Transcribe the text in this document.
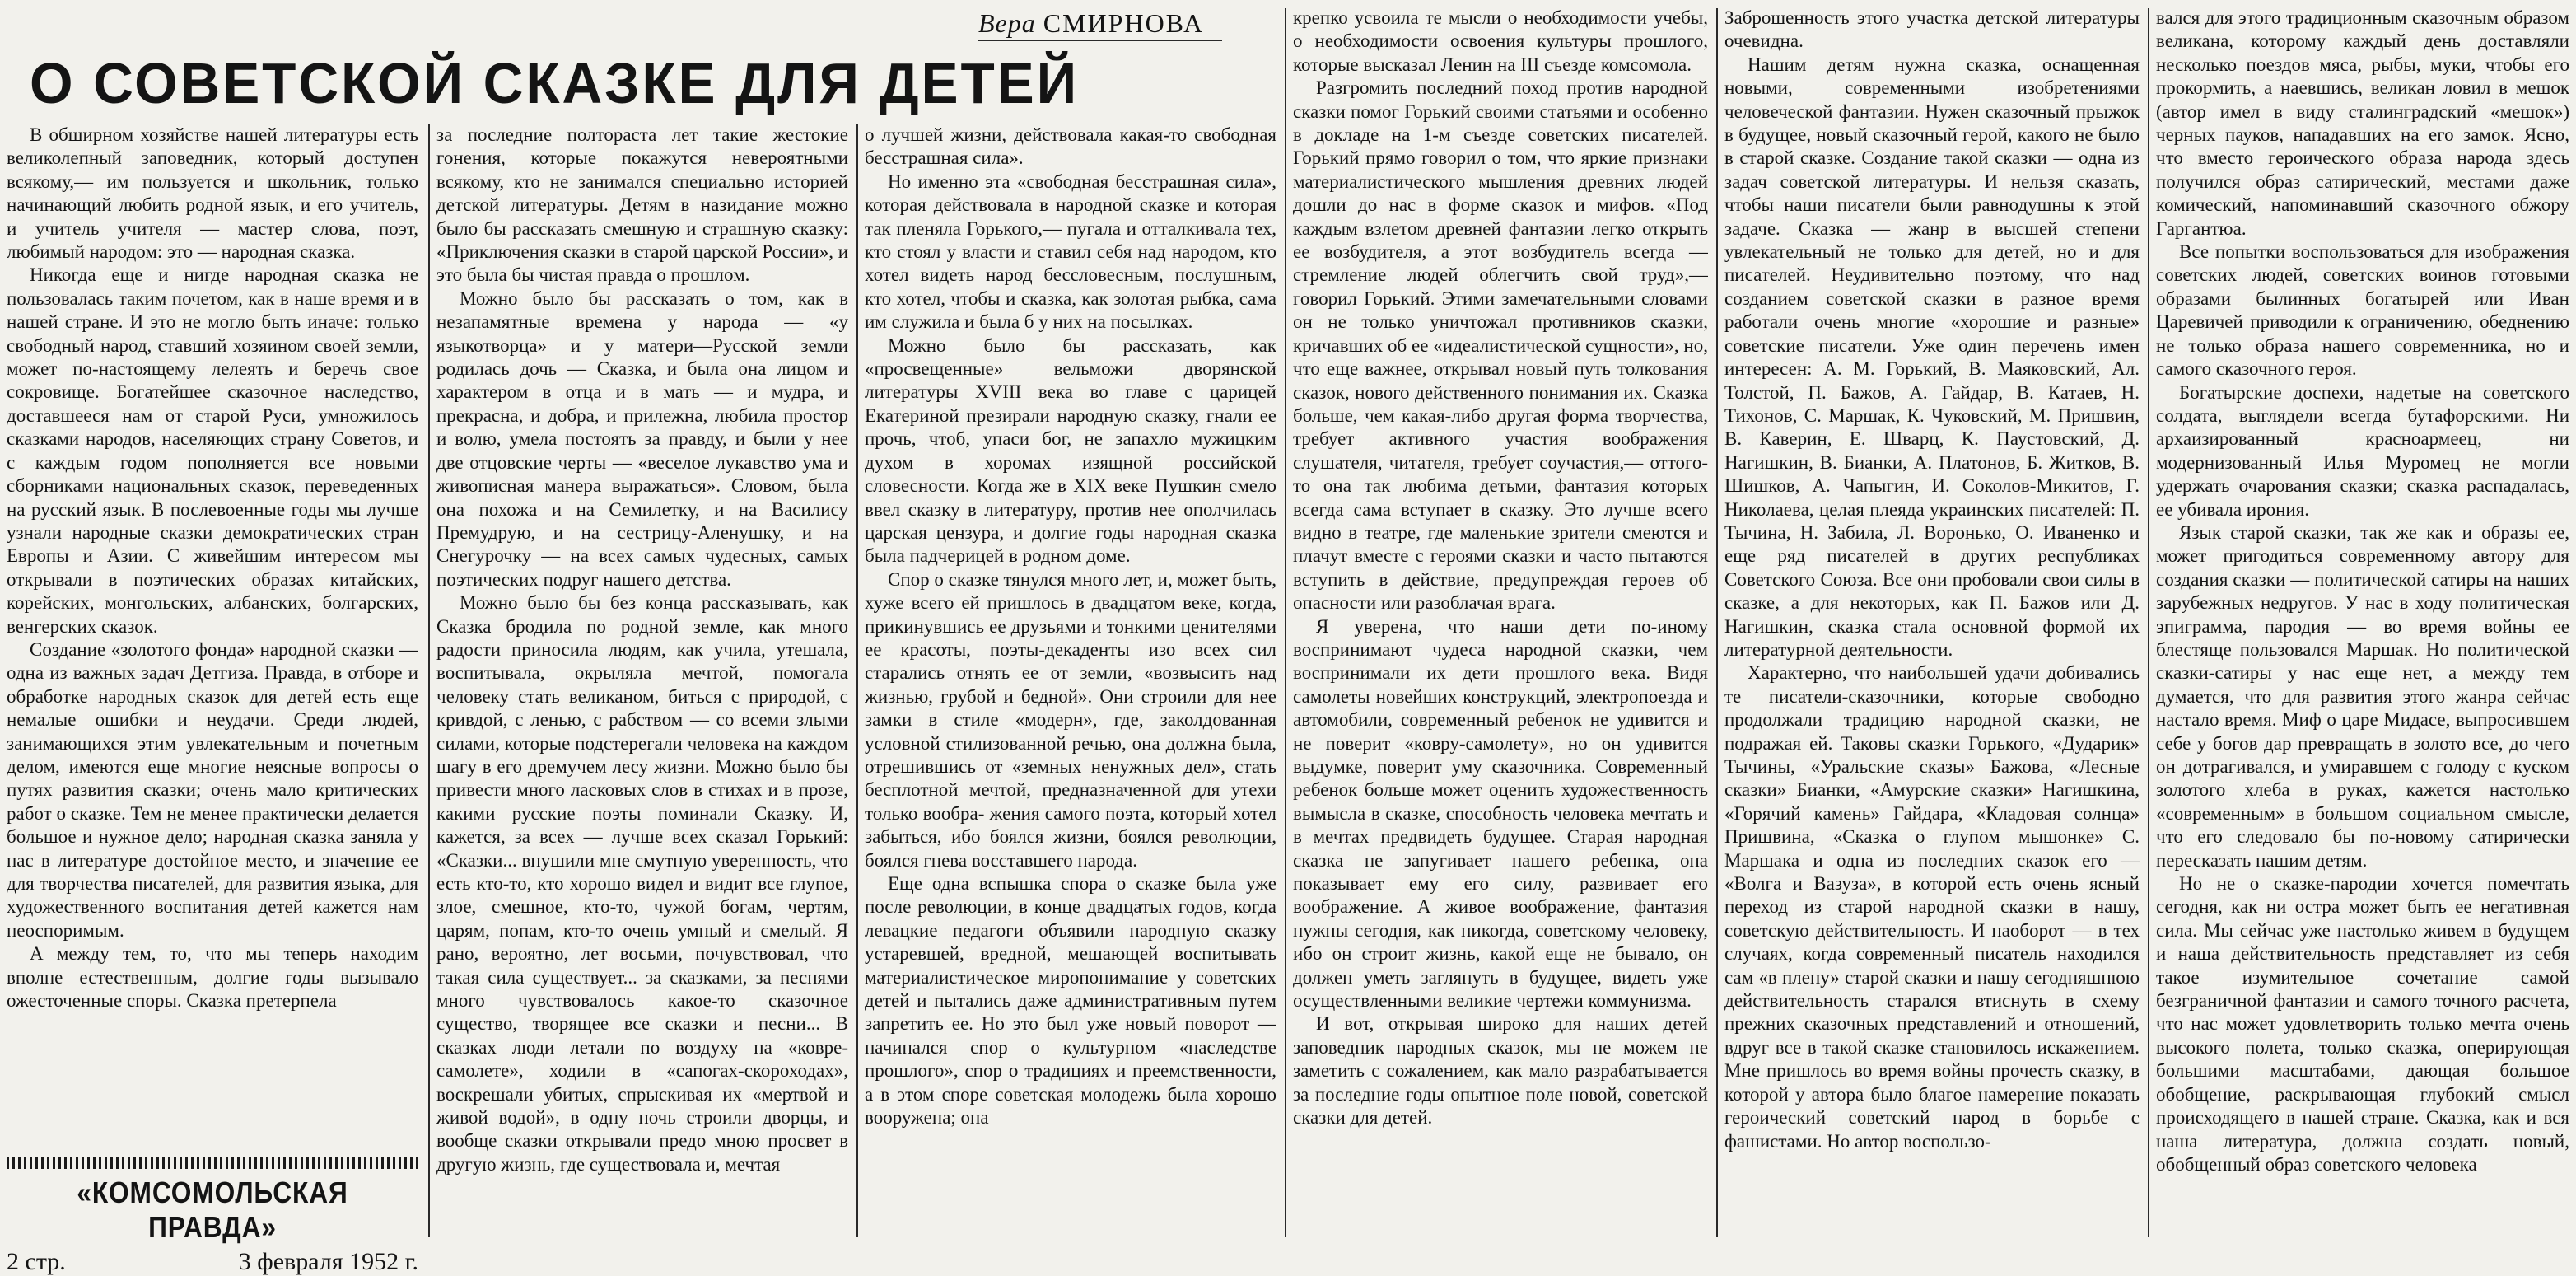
Вера СМИРНОВА
О СОВЕТСКОЙ СКАЗКЕ ДЛЯ ДЕТЕЙ

В обширном хозяйстве нашей литературы есть великолепный заповедник, который доступен всякому,— им пользуется и школьник, только начинающий любить родной язык, и его учитель, и учитель учителя — мастер слова, поэт, любимый народом: это — народная сказка.

Никогда еще и нигде народная сказка не пользовалась таким почетом, как в наше время и в нашей стране. И это не могло быть иначе: только свободный народ, ставший хозяином своей земли, может по-настоящему лелеять и беречь свое сокровище. Богатейшее сказочное наследство, доставшееся нам от старой Руси, умножилось сказками народов, населяющих страну Советов, и с каждым годом пополняется все новыми сборниками национальных сказок, переведенных на русский язык. В послевоенные годы мы лучше узнали народные сказки демократических стран Европы и Азии. С живейшим интересом мы открывали в поэтических образах китайских, корейских, монгольских, албанских, болгарских, венгерских сказок.

Создание «золотого фонда» народной сказки — одна из важных задач Детгиза. Правда, в отборе и обработке народных сказок для детей есть еще немалые ошибки и неудачи. Среди людей, занимающихся этим увлекательным и почетным делом, имеются еще многие неясные вопросы о путях развития сказки; очень мало критических работ о сказке. Тем не менее практически делается большое и нужное дело; народная сказка заняла у нас в литературе достойное место, и значение ее для творчества писателей, для развития языка, для художественного воспитания детей кажется нам неоспоримым.

А между тем, то, что мы теперь находим вполне естественным, долгие годы вызывало ожесточенные споры. Сказка претерпела

«КОМСОМОЛЬСКАЯ ПРАВДА»
2 стр.	3 февраля 1952 г.

за последние полтораста лет такие жестокие гонения, которые покажутся невероятными всякому, кто не занимался специально историей детской литературы. Детям в назидание можно было бы рассказать смешную и страшную сказку: «Приключения сказки в старой царской России», и это была бы чистая правда о прошлом.

Можно было бы рассказать о том, как в незапамятные времена у народа — «у языкотворца» и у матери—Русской земли родилась дочь — Сказка, и была она лицом и характером в отца и в мать — и мудра, и прекрасна, и добра, и прилежна, любила простор и волю, умела постоять за правду, и были у нее две отцовские черты — «веселое лукавство ума и живописная манера выражаться». Словом, была она похожа и на Семилетку, и на Василису Премудрую, и на сестрицу-Аленушку, и на Снегурочку — на всех самых чудесных, самых поэтических подруг нашего детства.

Можно было бы без конца рассказывать, как Сказка бродила по родной земле, как много радости приносила людям, как учила, утешала, воспитывала, окрыляла мечтой, помогала человеку стать великаном, биться с природой, с кривдой, с ленью, с рабством — со всеми злыми силами, которые подстерегали человека на каждом шагу в его дремучем лесу жизни. Можно было бы привести много ласковых слов в стихах и в прозе, какими русские поэты поминали Сказку. И, кажется, за всех — лучше всех сказал Горький: «Сказки... внушили мне смутную уверенность, что есть кто-то, кто хорошо видел и видит все глупое, злое, смешное, кто-то, чужой богам, чертям, царям, попам, кто-то очень умный и смелый. Я рано, вероятно, лет восьми, почувствовал, что такая сила существует... за сказками, за песнями много чувствовалось какое-то сказочное существо, творящее все сказки и песни... В сказках люди летали по воздуху на «ковре-самолете», ходили в «сапогах-скороходах», воскрешали убитых, спрыскивая их «мертвой и живой водой», в одну ночь строили дворцы, и вообще сказки открывали предо мною просвет в другую жизнь, где существовала и, мечтая

о лучшей жизни, действовала какая-то свободная бесстрашная сила».

Но именно эта «свободная бесстрашная сила», которая действовала в народной сказке и которая так пленяла Горького,— пугала и отталкивала тех, кто стоял у власти и ставил себя над народом, кто хотел видеть народ бессловесным, послушным, кто хотел, чтобы и сказка, как золотая рыбка, сама им служила и была б у них на посылках.

Можно было бы рассказать, как «просвещенные» вельможи дворянской литературы XVIII века во главе с царицей Екатериной презирали народную сказку, гнали ее прочь, чтоб, упаси бог, не запахло мужицким духом в хоромах изящной российской словесности. Когда же в XIX веке Пушкин смело ввел сказку в литературу, против нее ополчилась царская цензура, и долгие годы народная сказка была падчерицей в родном доме.

Спор о сказке тянулся много лет, и, может быть, хуже всего ей пришлось в двадцатом веке, когда, прикинувшись ее друзьями и тонкими ценителями ее красоты, поэты-декаденты изо всех сил старались отнять ее от земли, «возвысить над жизнью, грубой и бедной». Они строили для нее замки в стиле «модерн», где, заколдованная условной стилизованной речью, она должна была, отрешившись от «земных ненужных дел», стать бесплотной мечтой, предназначенной для утехи только вообра- жения самого поэта, который хотел забыться, ибо боялся жизни, боялся революции, боялся гнева восставшего народа.

Еще одна вспышка спора о сказке была уже после революции, в конце двадцатых годов, когда левацкие педагоги объявили народную сказку устаревшей, вредной, мешающей воспитывать материалистическое миропонимание у советских детей и пытались даже административным путем запретить ее. Но это был уже новый поворот — начинался спор о культурном «наследстве прошлого», спор о традициях и преемственности, а в этом споре советская молодежь была хорошо вооружена; она

крепко усвоила те мысли о необходимости учебы, о необходимости освоения культуры прошлого, которые высказал Ленин на III съезде комсомола.

Разгромить последний поход против народной сказки помог Горький своими статьями и особенно в докладе на 1-м съезде советских писателей. Горький прямо говорил о том, что яркие признаки материалистического мышления древних людей дошли до нас в форме сказок и мифов. «Под каждым взлетом древней фантазии легко открыть ее возбудителя, а этот возбудитель всегда — стремление людей облегчить свой труд»,— говорил Горький. Этими замечательными словами он не только уничтожал противников сказки, кричавших об ее «идеалистической сущности», но, что еще важнее, открывал новый путь толкования сказок, нового действенного понимания их. Сказка больше, чем какая-либо другая форма творчества, требует активного участия воображения слушателя, читателя, требует соучастия,— оттого-то она так любима детьми, фантазия которых всегда сама вступает в сказку. Это лучше всего видно в театре, где маленькие зрители смеются и плачут вместе с героями сказки и часто пытаются вступить в действие, предупреждая героев об опасности или разоблачая врага.

Я уверена, что наши дети по-иному воспринимают чудеса народной сказки, чем воспринимали их дети прошлого века. Видя самолеты новейших конструкций, электропоезда и автомобили, современный ребенок не удивится и не поверит «ковру-самолету», но он удивится выдумке, поверит уму сказочника. Современный ребенок больше может оценить художественность вымысла в сказке, способность человека мечтать и в мечтах предвидеть будущее. Старая народная сказка не запугивает нашего ребенка, она показывает ему его силу, развивает его воображение. А живое воображение, фантазия нужны сегодня, как никогда, советскому человеку, ибо он строит жизнь, какой еще не бывало, он должен уметь заглянуть в будущее, видеть уже осуществленными великие чертежи коммунизма.

И вот, открывая широко для наших детей заповедник народных сказок, мы не можем не заметить с сожалением, как мало разрабатывается за последние годы опытное поле новой, советской сказки для детей.

Заброшенность этого участка детской литературы очевидна.

Нашим детям нужна сказка, оснащенная новыми, современными изобретениями человеческой фантазии. Нужен сказочный прыжок в будущее, новый сказочный герой, какого не было в старой сказке. Создание такой сказки — одна из задач советской литературы. И нельзя сказать, чтобы наши писатели были равнодушны к этой задаче. Сказка — жанр в высшей степени увлекательный не только для детей, но и для писателей. Неудивительно поэтому, что над созданием советской сказки в разное время работали очень многие «хорошие и разные» советские писатели. Уже один перечень имен интересен: А. М. Горький, В. Маяковский, Ал. Толстой, П. Бажов, А. Гайдар, В. Катаев, Н. Тихонов, С. Маршак, К. Чуковский, М. Пришвин, В. Каверин, Е. Шварц, К. Паустовский, Д. Нагишкин, В. Бианки, А. Платонов, Б. Житков, В. Шишков, А. Чапыгин, И. Соколов-Микитов, Г. Николаева, целая плеяда украинских писателей: П. Тычина, Н. Забила, Л. Воронько, О. Иваненко и еще ряд писателей в других республиках Советского Союза. Все они пробовали свои силы в сказке, а для некоторых, как П. Бажов или Д. Нагишкин, сказка стала основной формой их литературной деятельности.

Характерно, что наибольшей удачи добивались те писатели-сказочники, которые свободно продолжали традицию народной сказки, не подражая ей. Таковы сказки Горького, «Дударик» Тычины, «Уральские сказы» Бажова, «Лесные сказки» Бианки, «Амурские сказки» Нагишкина, «Горячий камень» Гайдара, «Кладовая солнца» Пришвина, «Сказка о глупом мышонке» С. Маршака и одна из последних сказок его — «Волга и Вазуза», в которой есть очень ясный переход из старой народной сказки в нашу, советскую действительность. И наоборот — в тех случаях, когда современный писатель находился сам «в плену» старой сказки и нашу сегодняшнюю действительность старался втиснуть в схему прежних сказочных представлений и отношений, вдруг все в такой сказке становилось искажением. Мне пришлось во время войны прочесть сказку, в которой у автора было благое намерение показать героический советский народ в борьбе с фашистами. Но автор воспользо-

вался для этого традиционным сказочным образом великана, которому каждый день доставляли несколько поездов мяса, рыбы, муки, чтобы его прокормить, а наевшись, великан ловил в мешок (автор имел в виду сталинградский «мешок») черных пауков, нападавших на его замок. Ясно, что вместо героического образа народа здесь получился образ сатирический, местами даже комический, напоминавший сказочного обжору Гаргантюа.

Все попытки воспользоваться для изображения советских людей, советских воинов готовыми образами былинных богатырей или Иван Царевичей приводили к ограничению, обеднению не только образа нашего современника, но и самого сказочного героя.

Богатырские доспехи, надетые на советского солдата, выглядели всегда бутафорскими. Ни архаизированный красноармеец, ни модернизованный Илья Муромец не могли удержать очарования сказки; сказка распадалась, ее убивала ирония.

Язык старой сказки, так же как и образы ее, может пригодиться современному автору для создания сказки — политической сатиры на наших зарубежных недругов. У нас в ходу политическая эпиграмма, пародия — во время войны ее блестяще пользовался Маршак. Но политической сказки-сатиры у нас еще нет, а между тем думается, что для развития этого жанра сейчас настало время. Миф о царе Мидасе, выпросившем себе у богов дар превращать в золото все, до чего он дотрагивался, и умиравшем с голоду с куском золотого хлеба в руках, кажется настолько «современным» в большом социальном смысле, что его следовало бы по-новому сатирически пересказать нашим детям.

Но не о сказке-пародии хочется помечтать сегодня, как ни остра может быть ее негативная сила. Мы сейчас уже настолько живем в будущем и наша действительность представляет из себя такое изумительное сочетание самой безграничной фантазии и самого точного расчета, что нас может удовлетворить только мечта очень высокого полета, только сказка, оперирующая большими масштабами, дающая большое обобщение, раскрывающая глубокий смысл происходящего в нашей стране. Сказка, как и вся наша литература, должна создать новый, обобщенный образ советского человека
